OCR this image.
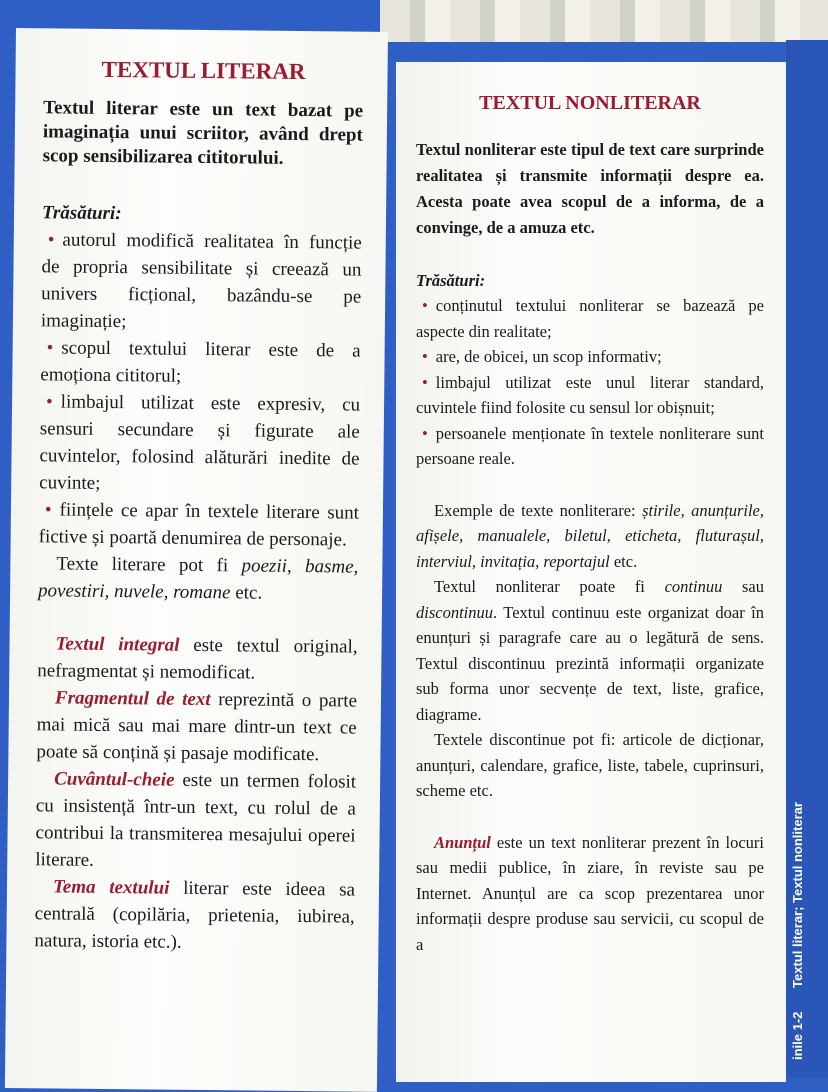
TEXTUL LITERAR
Textul literar este un text bazat pe imaginația unui scriitor, având drept scop sensibilizarea cititorului.
Trăsături:

• autorul modifică realitatea în funcție de propria sensibilitate și creează un univers ficțional, bazându-se pe imaginație;

• scopul textului literar este de a emoționa cititorul;

• limbajul utilizat este expresiv, cu sensuri secundare și figurate ale cuvintelor, folosind alăturări inedite de cuvinte;

• ființele ce apar în textele literare sunt fictive și poartă denumirea de personaje.

Texte literare pot fi poezii, basme, povestiri, nuvele, romane etc.

Textul integral este textul original, nefragmentat și nemodificat.

Fragmentul de text reprezintă o parte mai mică sau mai mare dintr-un text ce poate să conțină și pasaje modificate.

Cuvântul-cheie este un termen folosit cu insistență într-un text, cu rolul de a contribui la transmiterea mesajului operei literare.

Tema textului literar este ideea sa centrală (copilăria, prietenia, iubirea, natura, istoria etc.).

TEXTUL NONLITERAR
Textul nonliterar este tipul de text care surprinde realitatea și transmite informații despre ea. Acesta poate avea scopul de a informa, de a convinge, de a amuza etc.
Trăsături:

• conținutul textului nonliterar se bazează pe aspecte din realitate;

• are, de obicei, un scop informativ;

• limbajul utilizat este unul literar standard, cuvintele fiind folosite cu sensul lor obișnuit;

• persoanele menționate în textele nonliterare sunt persoane reale.

Exemple de texte nonliterare: știrile, anunțurile, afișele, manualele, biletul, eticheta, fluturașul, interviul, invitația, reportajul etc.

Textul nonliterar poate fi continuu sau discontinuu. Textul continuu este organizat doar în enunțuri și paragrafe care au o legătură de sens. Textul discontinuu prezintă informații organizate sub forma unor secvențe de text, liste, grafice, diagrame.

Textele discontinue pot fi: articole de dicționar, anunțuri, calendare, grafice, liste, tabele, cuprinsuri, scheme etc.

Anunțul este un text nonliterar prezent în locuri sau medii publice, în ziare, în reviste sau pe Internet. Anunțul are ca scop prezentarea unor informații despre produse sau servicii, cu scopul de a

inile 1-2 Textul literar; Textul nonliterar
